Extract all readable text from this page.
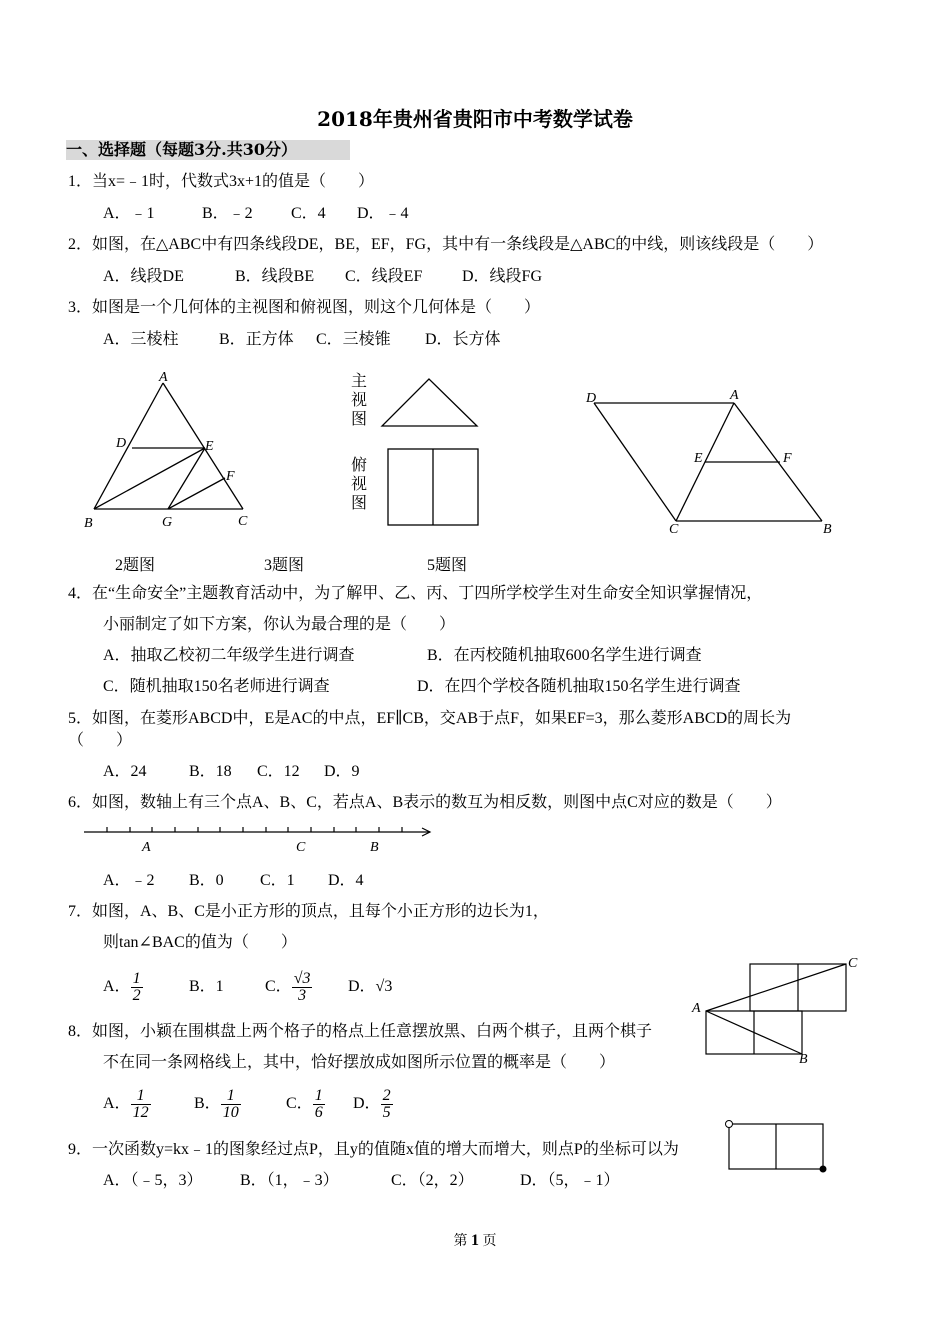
2018年贵州省贵阳市中考数学试卷
一、选择题（每题3分.共30分）
1．当x=﹣1时，代数式3x+1的值是（　　）
A．﹣1	B．﹣2 C．4 D．﹣4
2．如图，在△ABC中有四条线段DE，BE，EF，FG，其中有一条线段是△ABC的中线，则该线段是（　　）
A．线段DE	B．线段BE C．线段EF D．线段FG
3．如图是一个几何体的主视图和俯视图，则这个几何体是（　　）
A．三棱柱	B．正方体 C．三棱锥 D．长方体
A
D	E
F
B	G	C
主
视
图
俯
视
图
D	A
E	F
C	B
2题图	3题图	5题图
4．在“生命安全”主题教育活动中，为了解甲、乙、丙、丁四所学校学生对生命安全知识掌握情况，
小丽制定了如下方案，你认为最合理的是（　　）
A．抽取乙校初二年级学生进行调查	B．在丙校随机抽取600名学生进行调查
C．随机抽取150名老师进行调查	D．在四个学校各随机抽取150名学生进行调查
5．如图，在菱形ABCD中，E是AC的中点，EF∥CB，交AB于点F，如果EF=3，那么菱形ABCD的周长为
（　　）
A．24	B．18 C．12 D．9
6．如图，数轴上有三个点A、B、C，若点A、B表示的数互为相反数，则图中点C对应的数是（　　）
A	C	B
A．﹣2 B．0 C．1 D．4
7．如图，A、B、C是小正方形的顶点，且每个小正方形的边长为1，
则tan∠BAC的值为（　　）
A． $\frac{1}{2}$	B．1	C． $\frac{√3}{3}$ D．√3
A
B
C
8．如图，小颖在围棋盘上两个格子的格点上任意摆放黑、白两个棋子，且两个棋子
不在同一条网格线上，其中，恰好摆放成如图所示位置的概率是（　　）
A． $\frac{1}{12}$	B． $\frac{1}{10}$	C． $\frac{1}{6}$ D． $\frac{2}{5}$
9．一次函数y=kx﹣1的图象经过点P，且y的值随x值的增大而增大，则点P的坐标可以为
A．（﹣5，3） B．（1，﹣3）	C．（2，2）	D．（5，﹣1）
第 1 页
